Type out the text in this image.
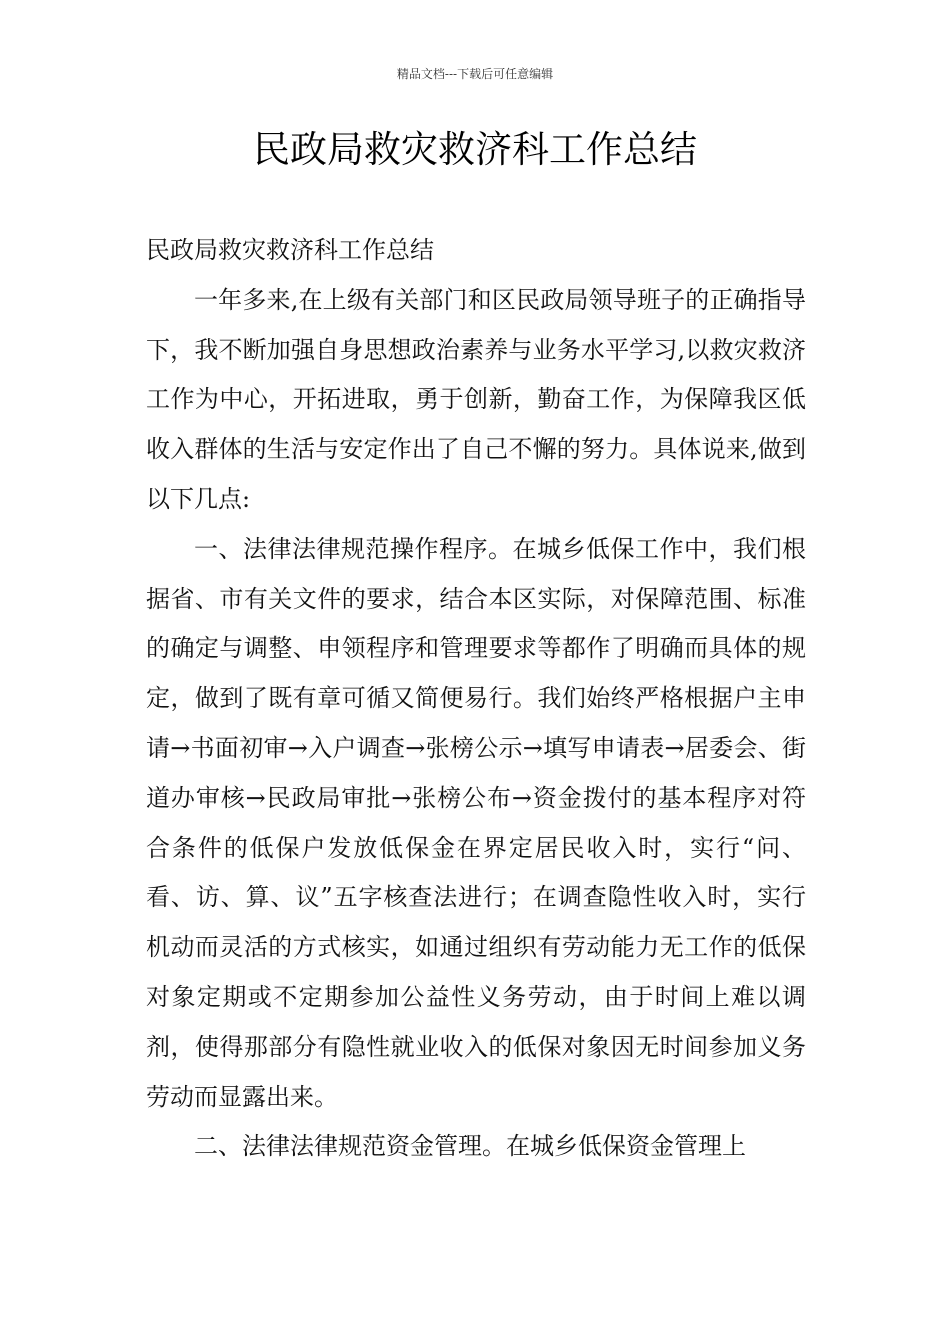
精品文档---下载后可任意编辑
民政局救灾救济科工作总结

民政局救灾救济科工作总结

一年多来,在上级有关部门和区民政局领导班子的正确指导下，我不断加强自身思想政治素养与业务水平学习,以救灾救济工作为中心，开拓进取，勇于创新，勤奋工作，为保障我区低收入群体的生活与安定作出了自己不懈的努力。具体说来,做到以下几点:

一、法律法律规范操作程序。在城乡低保工作中，我们根据省、市有关文件的要求，结合本区实际，对保障范围、标准的确定与调整、申领程序和管理要求等都作了明确而具体的规定，做到了既有章可循又简便易行。我们始终严格根据户主申请→书面初审→入户调查→张榜公示→填写申请表→居委会、街道办审核→民政局审批→张榜公布→资金拨付的基本程序对符合条件的低保户发放低保金在界定居民收入时，实行“问、看、访、算、议”五字核查法进行；在调查隐性收入时，实行机动而灵活的方式核实，如通过组织有劳动能力无工作的低保对象定期或不定期参加公益性义务劳动，由于时间上难以调剂，使得那部分有隐性就业收入的低保对象因无时间参加义务劳动而显露出来。

二、法律法律规范资金管理。在城乡低保资金管理上
